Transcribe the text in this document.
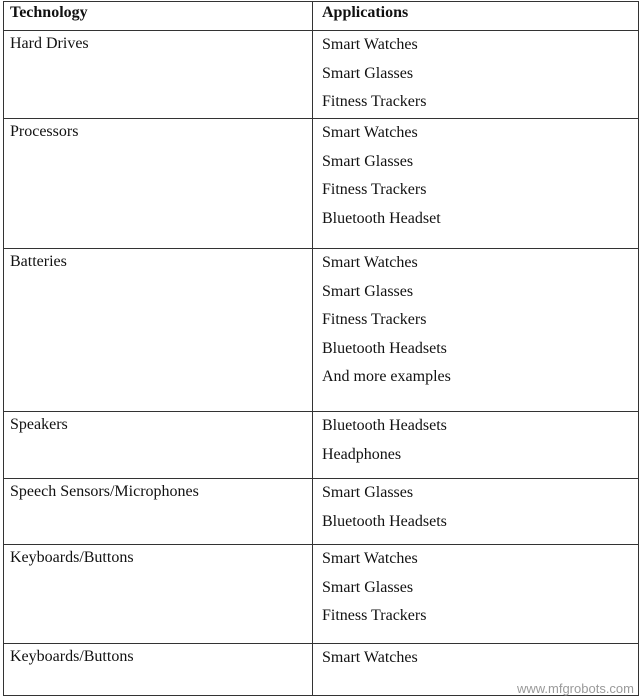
Technology	Applications
Hard Drives	Smart Watches
Smart Glasses
Fitness Trackers

Processors	Smart Watches
Smart Glasses
Fitness Trackers
Bluetooth Headset

Batteries	Smart Watches
Smart Glasses
Fitness Trackers
Bluetooth Headsets
And more examples

Speakers	Bluetooth Headsets
Headphones

Speech Sensors/Microphones	Smart Glasses
Bluetooth Headsets

Keyboards/Buttons	Smart Watches
Smart Glasses
Fitness Trackers

Keyboards/Buttons	Smart Watches
www.mfgrobots.com
